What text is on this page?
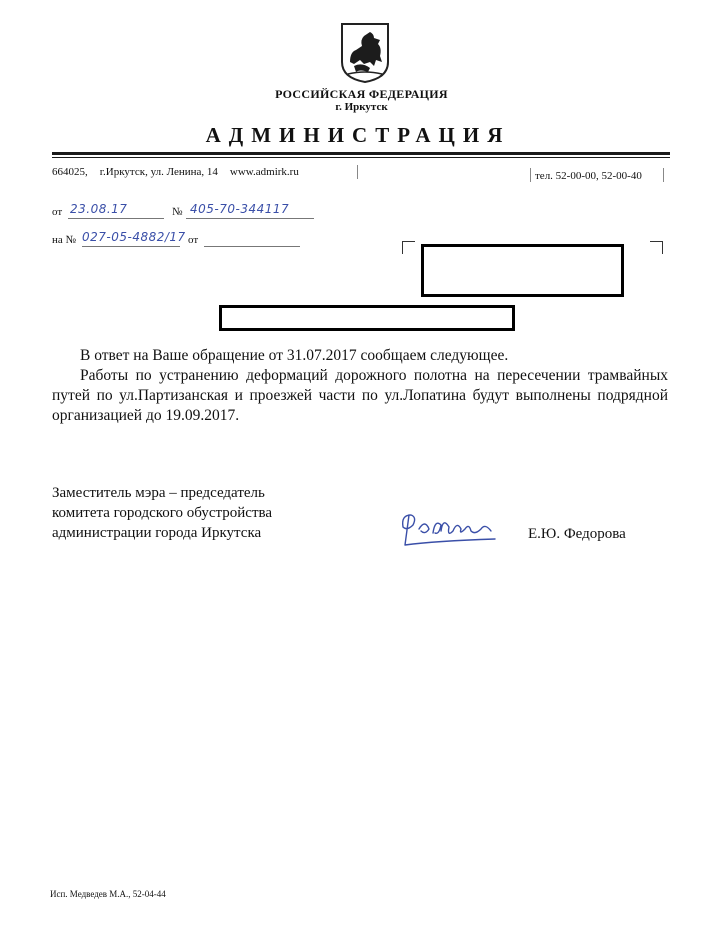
РОССИЙСКАЯ ФЕДЕРАЦИЯ
г. Иркутск
АДМИНИСТРАЦИЯ
664025, г.Иркутск, ул. Ленина, 14 www.admirk.ru	тел. 52-00-00, 52-00-40
от 23.08.17	№ 405-70-344117
на № 027-05-4882/17 от

В ответ на Ваше обращение от 31.07.2017 сообщаем следующее.

Работы по устранению деформаций дорожного полотна на пересечении трамвайных путей по ул.Партизанская и проезжей части по ул.Лопатина будут выполнены подрядной организацией до 19.09.2017.

Заместитель мэра – председатель
комитета городского обустройства
администрации города Иркутска	Е.Ю. Федорова
Исп. Медведев М.А., 52-04-44
